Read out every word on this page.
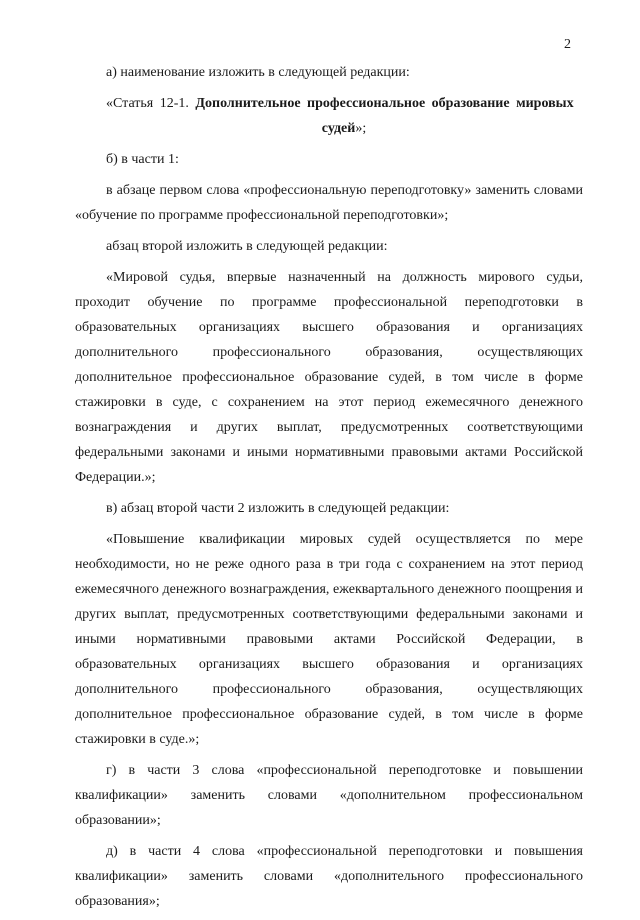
2

а) наименование изложить в следующей редакции:

«Статья 12-1. Дополнительное профессиональное образование мировых

судей»;

б) в части 1:

в абзаце первом слова «профессиональную переподготовку» заменить словами «обучение по программе профессиональной переподготовки»;

абзац второй изложить в следующей редакции:

«Мировой судья, впервые назначенный на должность мирового судьи, проходит обучение по программе профессиональной переподготовки в образовательных организациях высшего образования и организациях дополнительного профессионального образования, осуществляющих дополнительное профессиональное образование судей, в том числе в форме стажировки в суде, с сохранением на этот период ежемесячного денежного вознаграждения и других выплат, предусмотренных соответствующими федеральными законами и иными нормативными правовыми актами Российской Федерации.»;

в) абзац второй части 2 изложить в следующей редакции:

«Повышение квалификации мировых судей осуществляется по мере необходимости, но не реже одного раза в три года с сохранением на этот период ежемесячного денежного вознаграждения, ежеквартального денежного поощрения и других выплат, предусмотренных соответствующими федеральными законами и иными нормативными правовыми актами Российской Федерации, в образовательных организациях высшего образования и организациях дополнительного профессионального образования, осуществляющих дополнительное профессиональное образование судей, в том числе в форме стажировки в суде.»;

г) в части 3 слова «профессиональной переподготовке и повышении квалификации» заменить словами «дополнительном профессиональном образовании»;

д) в части 4 слова «профессиональной переподготовки и повышения квалификации» заменить словами «дополнительного профессионального образования»;
